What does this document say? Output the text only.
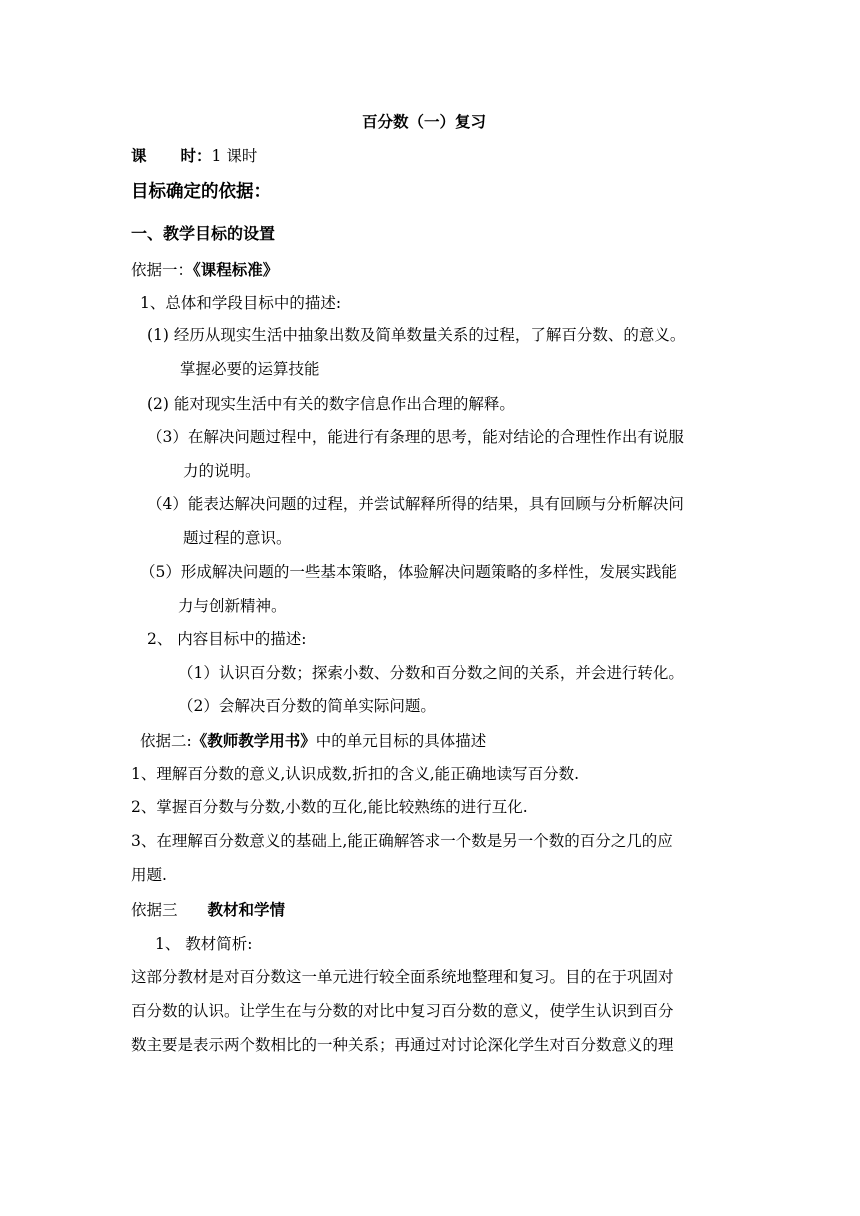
百分数（一）复习
课 时：1 课时
目标确定的依据：
一、教学目标的设置
依据一：《课程标准》
1、总体和学段目标中的描述:
(1) 经历从现实生活中抽象出数及简单数量关系的过程，了解百分数、的意义。
掌握必要的运算技能
(2) 能对现实生活中有关的数字信息作出合理的解释。
（3）在解决问题过程中，能进行有条理的思考，能对结论的合理性作出有说服
力的说明。
（4）能表达解决问题的过程，并尝试解释所得的结果，具有回顾与分析解决问
题过程的意识。
（5）形成解决问题的一些基本策略，体验解决问题策略的多样性，发展实践能
力与创新精神。
2、 内容目标中的描述:
（1）认识百分数；探索小数、分数和百分数之间的关系，并会进行转化。
（2）会解决百分数的简单实际问题。
依据二:《教师教学用书》中的单元目标的具体描述
1、理解百分数的意义,认识成数,折扣的含义,能正确地读写百分数.
2、掌握百分数与分数,小数的互化,能比较熟练的进行互化.
3、在理解百分数意义的基础上,能正确解答求一个数是另一个数的百分之几的应
用题.
依据三 教材和学情
1、 教材简析:
这部分教材是对百分数这一单元进行较全面系统地整理和复习。目的在于巩固对
百分数的认识。让学生在与分数的对比中复习百分数的意义，使学生认识到百分
数主要是表示两个数相比的一种关系；再通过对讨论深化学生对百分数意义的理
